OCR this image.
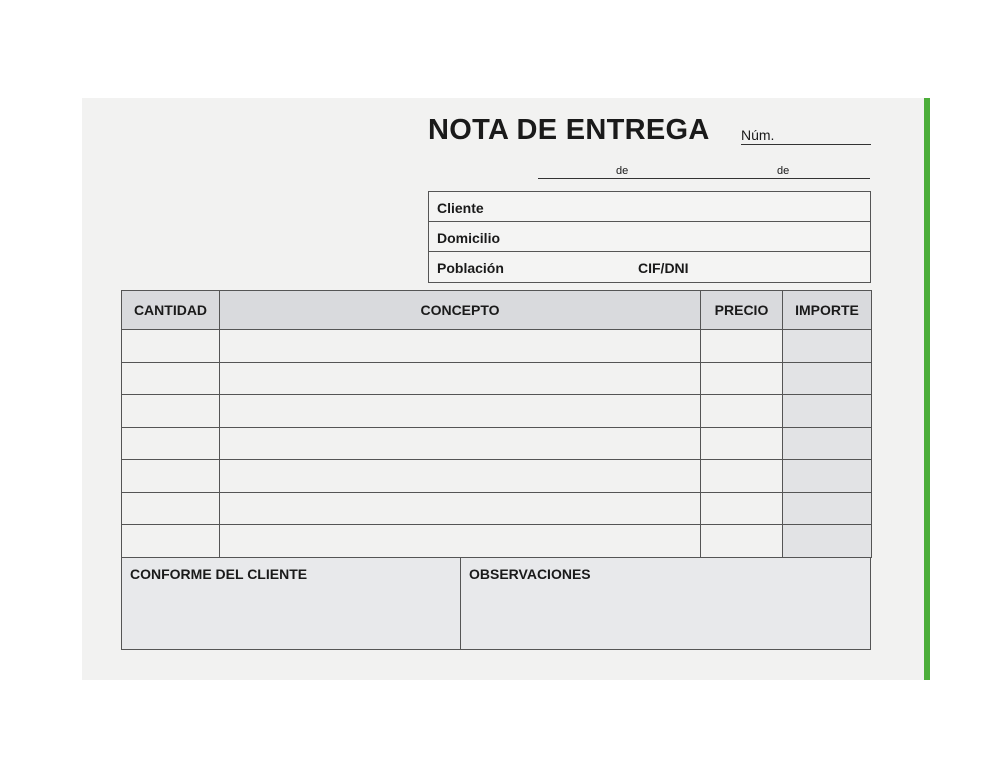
NOTA DE ENTREGA Núm.
de	de
Cliente
Domicilio
Población	CIF/DNI
CANTIDAD	CONCEPTO	PRECIO	IMPORTE

CONFORME DEL CLIENTE	OBSERVACIONES
